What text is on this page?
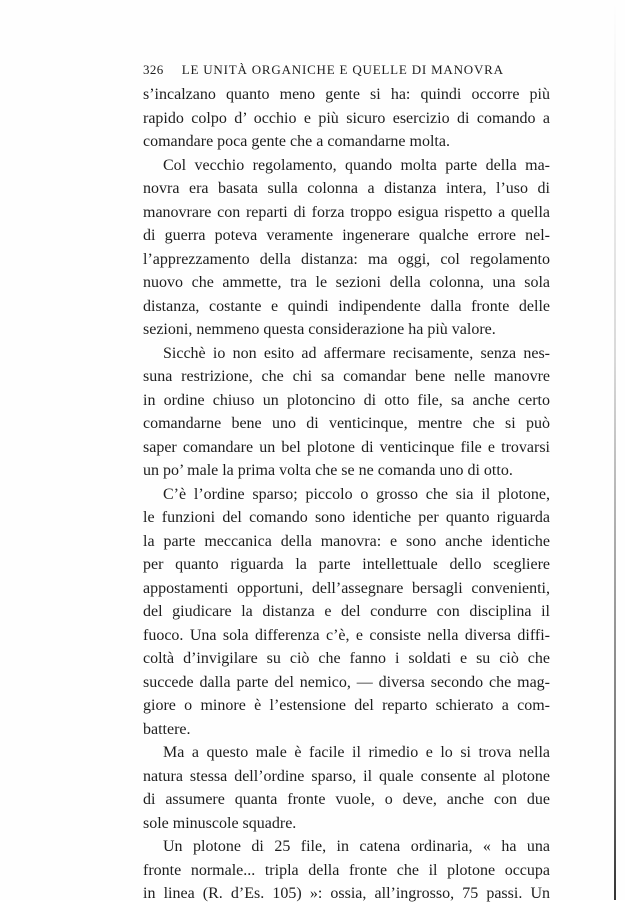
326 LE UNITÀ ORGANICHE E QUELLE DI MANOVRA
s’incalzano quanto meno gente si ha: quindi occorre più
rapido colpo d’ occhio e più sicuro esercizio di comando a
comandare poca gente che a comandarne molta.
Col vecchio regolamento, quando molta parte della ma-
novra era basata sulla colonna a distanza intera, l’uso di
manovrare con reparti di forza troppo esigua rispetto a quella
di guerra poteva veramente ingenerare qualche errore nel-
l’apprezzamento della distanza: ma oggi, col regolamento
nuovo che ammette, tra le sezioni della colonna, una sola
distanza, costante e quindi indipendente dalla fronte delle
sezioni, nemmeno questa considerazione ha più valore.
Sicchè io non esito ad affermare recisamente, senza nes-
suna restrizione, che chi sa comandar bene nelle manovre
in ordine chiuso un plotoncino di otto file, sa anche certo
comandarne bene uno di venticinque, mentre che si può
saper comandare un bel plotone di venticinque file e trovarsi
un po’ male la prima volta che se ne comanda uno di otto.
C’è l’ordine sparso; piccolo o grosso che sia il plotone,
le funzioni del comando sono identiche per quanto riguarda
la parte meccanica della manovra: e sono anche identiche
per quanto riguarda la parte intellettuale dello scegliere
appostamenti opportuni, dell’assegnare bersagli convenienti,
del giudicare la distanza e del condurre con disciplina il
fuoco. Una sola differenza c’è, e consiste nella diversa diffi-
coltà d’invigilare su ciò che fanno i soldati e su ciò che
succede dalla parte del nemico, — diversa secondo che mag-
giore o minore è l’estensione del reparto schierato a com-
battere.
Ma a questo male è facile il rimedio e lo si trova nella
natura stessa dell’ordine sparso, il quale consente al plotone
di assumere quanta fronte vuole, o deve, anche con due
sole minuscole squadre.
Un plotone di 25 file, in catena ordinaria, « ha una
fronte normale... tripla della fronte che il plotone occupa
in linea (R. d’Es. 105) »: ossia, all’ingrosso, 75 passi. Un
